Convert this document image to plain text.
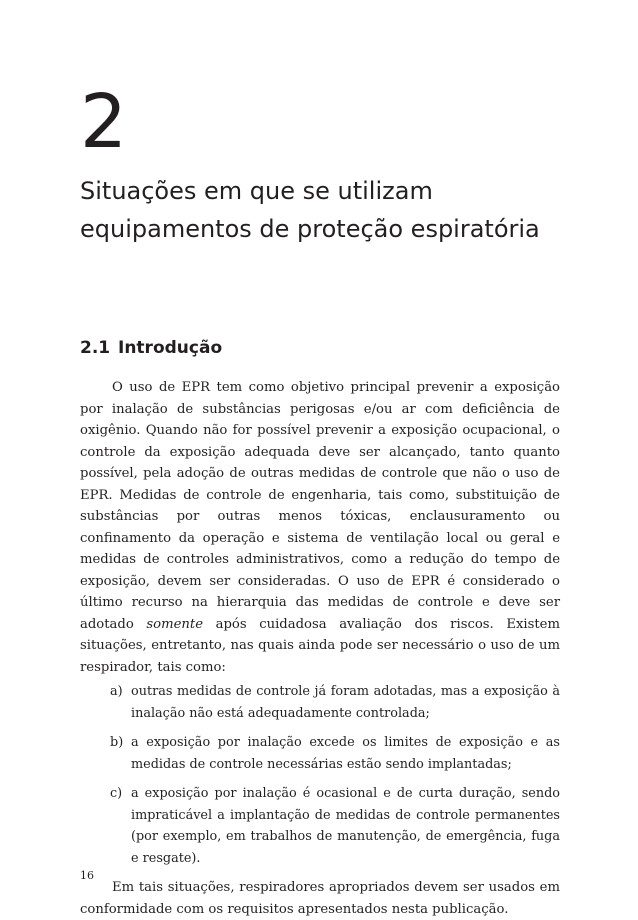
2
Situações em que se utilizam equipamentos de proteção espiratória
2.1 Introdução

O uso de EPR tem como objetivo principal prevenir a exposição por inalação de substâncias perigosas e/ou ar com deficiência de oxigênio. Quando não for possível prevenir a exposição ocupacional, o controle da exposição adequada deve ser alcançado, tanto quanto possível, pela adoção de outras medidas de controle que não o uso de EPR. Medidas de controle de engenharia, tais como, substituição de substâncias por outras menos tóxicas, enclausuramento ou confinamento da operação e sistema de ventilação local ou geral e medidas de controles administrativos, como a redução do tempo de exposição, devem ser consideradas. O uso de EPR é considerado o último recurso na hierarquia das medidas de controle e deve ser adotado somente após cuidadosa avaliação dos riscos. Existem situações, entretanto, nas quais ainda pode ser necessário o uso de um respirador, tais como:

a) outras medidas de controle já foram adotadas, mas a exposição à inalação não está adequadamente controlada;
b) a exposição por inalação excede os limites de exposição e as medidas de controle necessárias estão sendo implantadas;
c) a exposição por inalação é ocasional e de curta duração, sendo impraticável a implantação de medidas de controle permanentes (por exemplo, em trabalhos de manutenção, de emergência, fuga e resgate).

Em tais situações, respiradores apropriados devem ser usados em conformidade com os requisitos apresentados nesta publicação.

16
